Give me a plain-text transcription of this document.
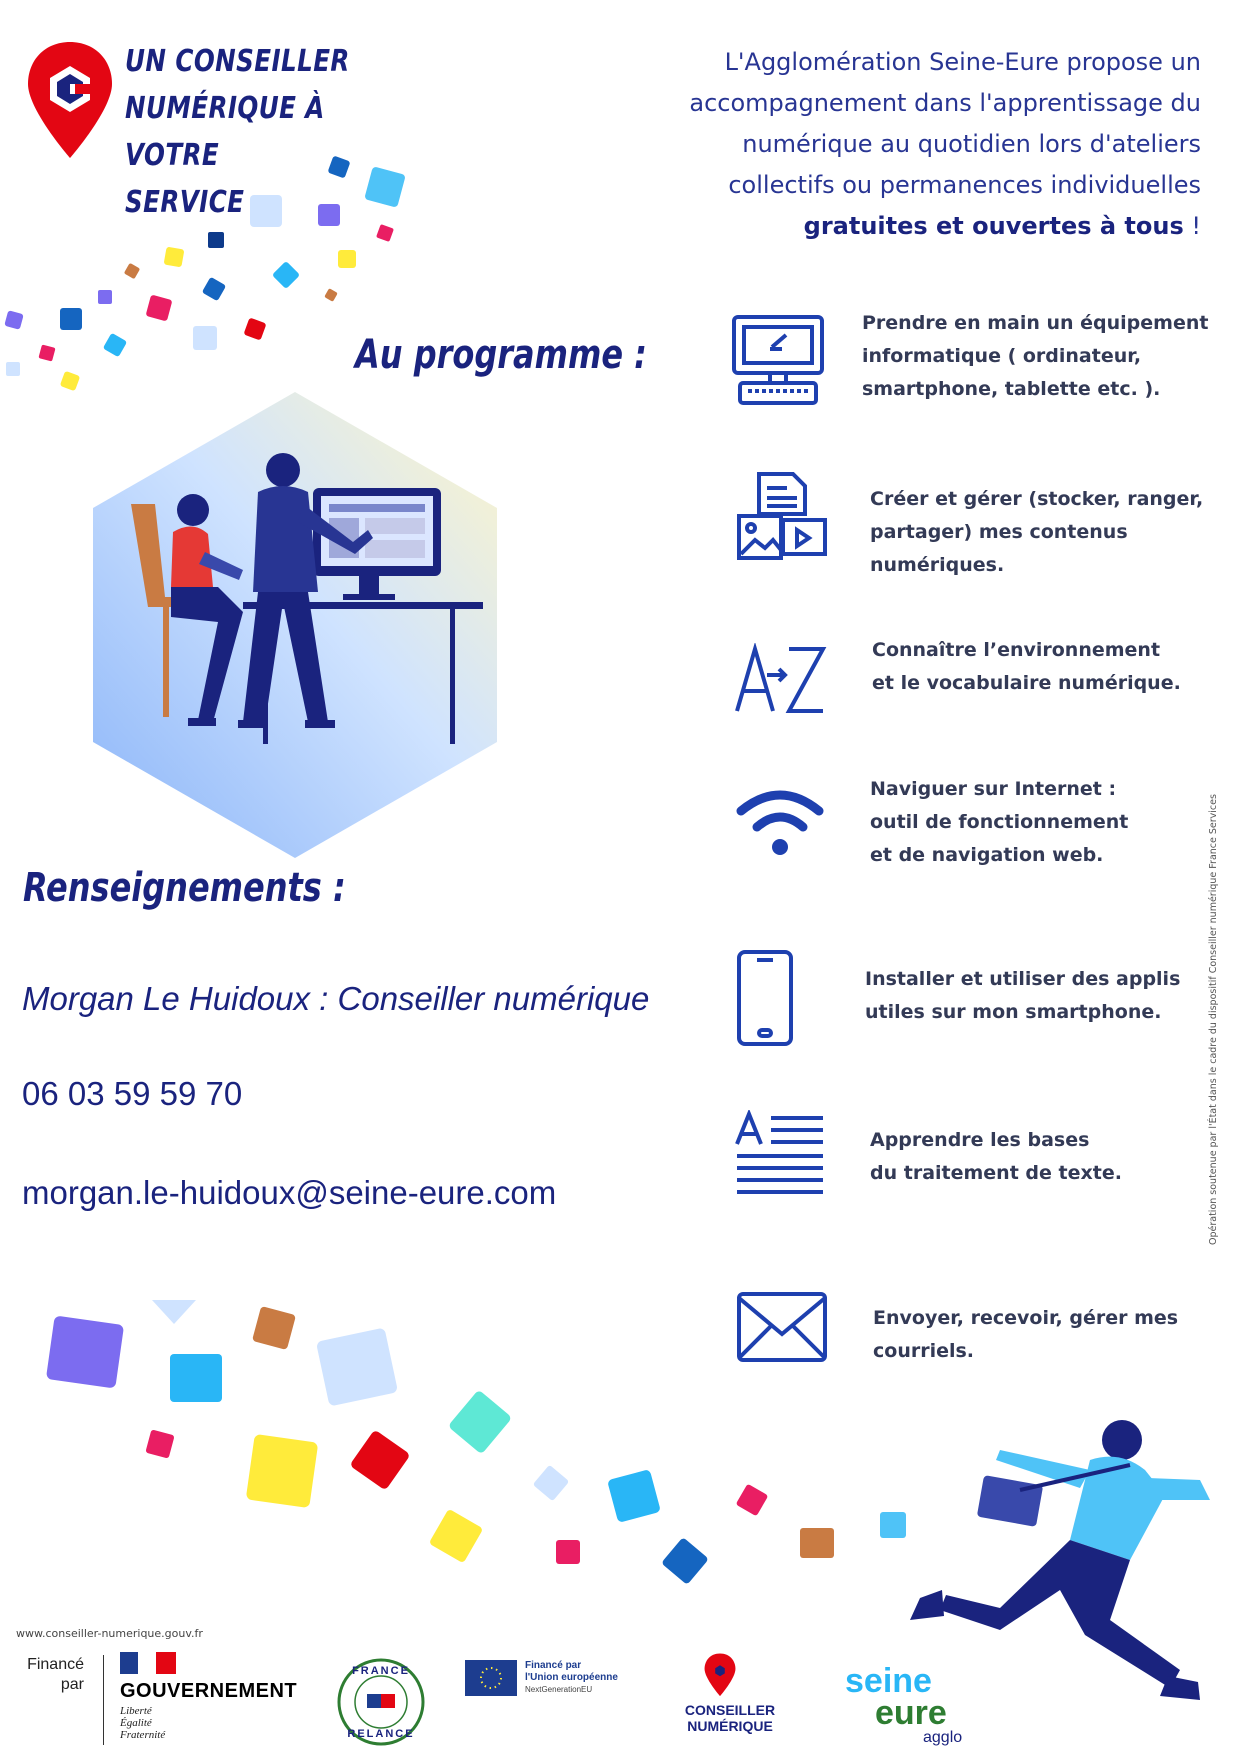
UN CONSEILLER
NUMÉRIQUE À VOTRE
SERVICE
L'Agglomération Seine-Eure propose un
accompagnement dans l'apprentissage du
numérique au quotidien lors d'ateliers
collectifs ou permanences individuelles
gratuites et ouvertes à tous !
Au programme :
Renseignements :
Morgan Le Huidoux : Conseiller numérique
06 03 59 59 70
morgan.le-huidoux@seine-eure.com
Prendre en main un équipement
informatique ( ordinateur,
smartphone, tablette etc. ).
Créer et gérer (stocker, ranger,
partager) mes contenus
numériques.
Connaître l’environnement
et le vocabulaire numérique.
Naviguer sur Internet :
outil de fonctionnement
et de navigation web.
Installer et utiliser des applis
utiles sur mon smartphone.
Apprendre les bases
du traitement de texte.
Envoyer, recevoir, gérer mes
courriels.
Opération soutenue par l'État dans le cadre du dispositif Conseiller numérique France Services
www.conseiller-numerique.gouv.fr
Financé
par GOUVERNEMENT
Liberté
Égalité
Fraternité
FRANCE
RELANCE
Financé par
l'Union européenne
NextGenerationEU
CONSEILLER
NUMÉRIQUE
seine
eure
agglo
